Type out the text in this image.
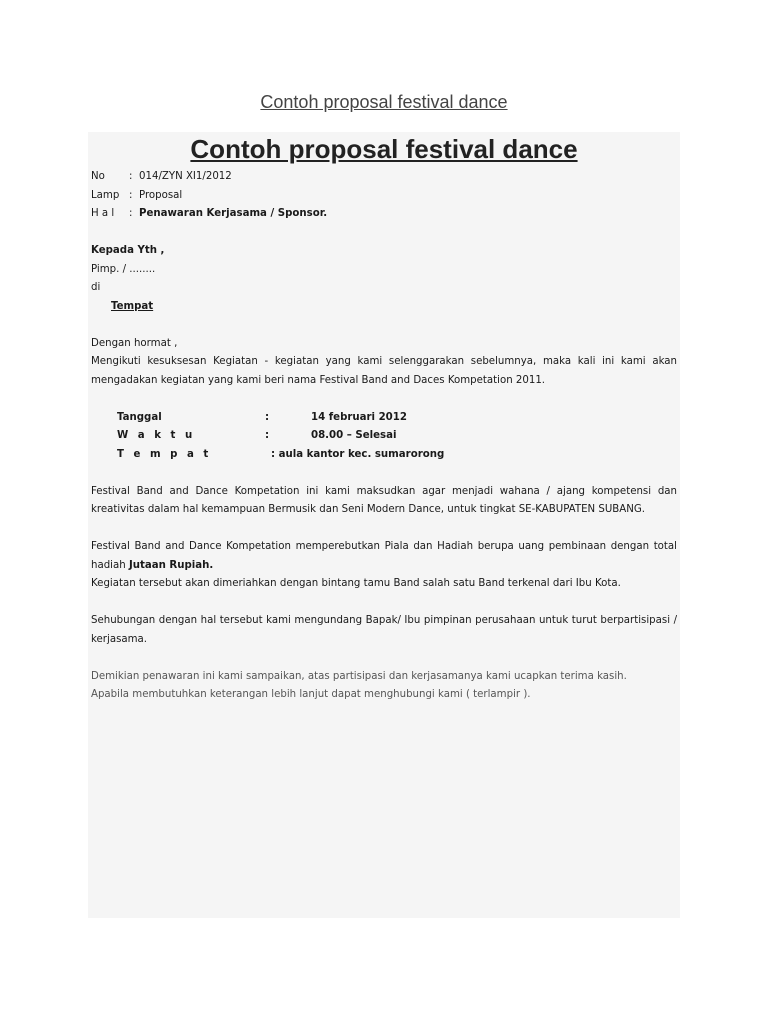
Contoh proposal festival dance
Contoh proposal festival dance
No	: 014/ZYN XI1/2012
Lamp : Proposal
H a l	: Penawaran Kerjasama / Sponsor.
Kepada Yth ,
Pimp. / ........
di
Tempat
Dengan hormat ,
Mengikuti kesuksesan Kegiatan - kegiatan yang kami selenggarakan sebelumnya, maka kali ini kami akan mengadakan kegiatan yang kami beri nama Festival Band and Daces Kompetation 2011.
Tanggal	:	14 februari 2012
W a k t u	:	08.00 – Selesai
T e m p a t	: aula kantor kec. sumarorong
Festival Band and Dance Kompetation ini kami maksudkan agar menjadi wahana / ajang kompetensi dan kreativitas dalam hal kemampuan Bermusik dan Seni Modern Dance, untuk tingkat SE-KABUPATEN SUBANG.
Festival Band and Dance Kompetation memperebutkan Piala dan Hadiah berupa uang pembinaan dengan total hadiah Jutaan Rupiah.
Kegiatan tersebut akan dimeriahkan dengan bintang tamu Band salah satu Band terkenal dari Ibu Kota.
Sehubungan dengan hal tersebut kami mengundang Bapak/ Ibu pimpinan perusahaan untuk turut berpartisipasi / kerjasama.
Demikian penawaran ini kami sampaikan, atas partisipasi dan kerjasamanya kami ucapkan terima kasih.
Apabila membutuhkan keterangan lebih lanjut dapat menghubungi kami ( terlampir ).
